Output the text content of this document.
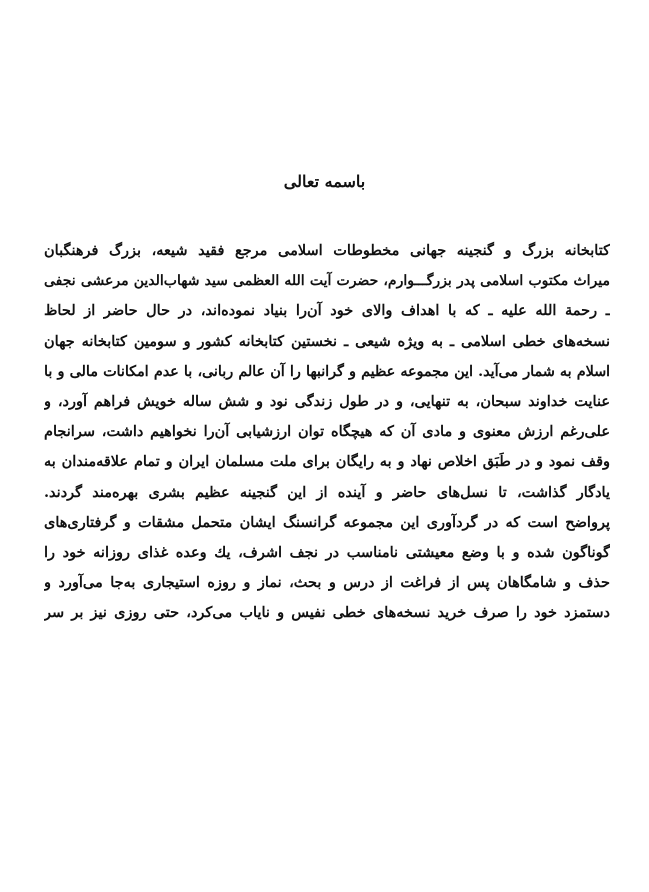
باسمه تعالی
کتابخانه بزرگ و گنجینه جهانی مخطوطات اسلامی مرجع فقید شیعه، بزرگ فرهنگبان
میراث مکتوب اسلامی پدر بزرگـــوارم، حضرت آیت الله العظمی سید شهاب‌الدین مرعشی نجفی
ـ رحمة الله علیه ـ که با اهداف والای خود آن‌را بنیاد نموده‌اند، در حال حاضر از لحاظ
نسخه‌های خطی اسلامی ـ به ویژه شیعی ـ نخستین کتابخانه کشور و سومین کتابخانه جهان
اسلام به شمار می‌آید. این مجموعه عظیم و گرانبها را آن عالم ربانی، با عدم امکانات مالی و با
عنایت خداوند سبحان، به تنهایی، و در طول زندگی نود و شش ساله خویش فراهم آورد، و
علی‌رغم ارزش معنوی و مادی آن که هیچگاه توان ارزشیابی آن‌را نخواهیم داشت، سرانجام
وقف نمود و در طَبَق اخلاص نهاد و به رایگان برای ملت مسلمان ایران و تمام علاقه‌مندان به
یادگار گذاشت، تا نسل‌های حاضر و آینده از این گنجینه عظیم بشری بهره‌مند گردند.
پرواضح است که در گردآوری این مجموعه گرانسنگ ایشان متحمل مشقات و گرفتاری‌های
گوناگون شده و با وضع معیشتی نامناسب در نجف اشرف، یك وعده غذای روزانه خود را
حذف و شامگاهان پس از فراغت از درس و بحث، نماز و روزه استیجاری به‌جا می‌آورد و
دستمزد خود را صرف خرید نسخه‌های خطی نفیس و نایاب می‌کرد، حتی روزی نیز بر سر
